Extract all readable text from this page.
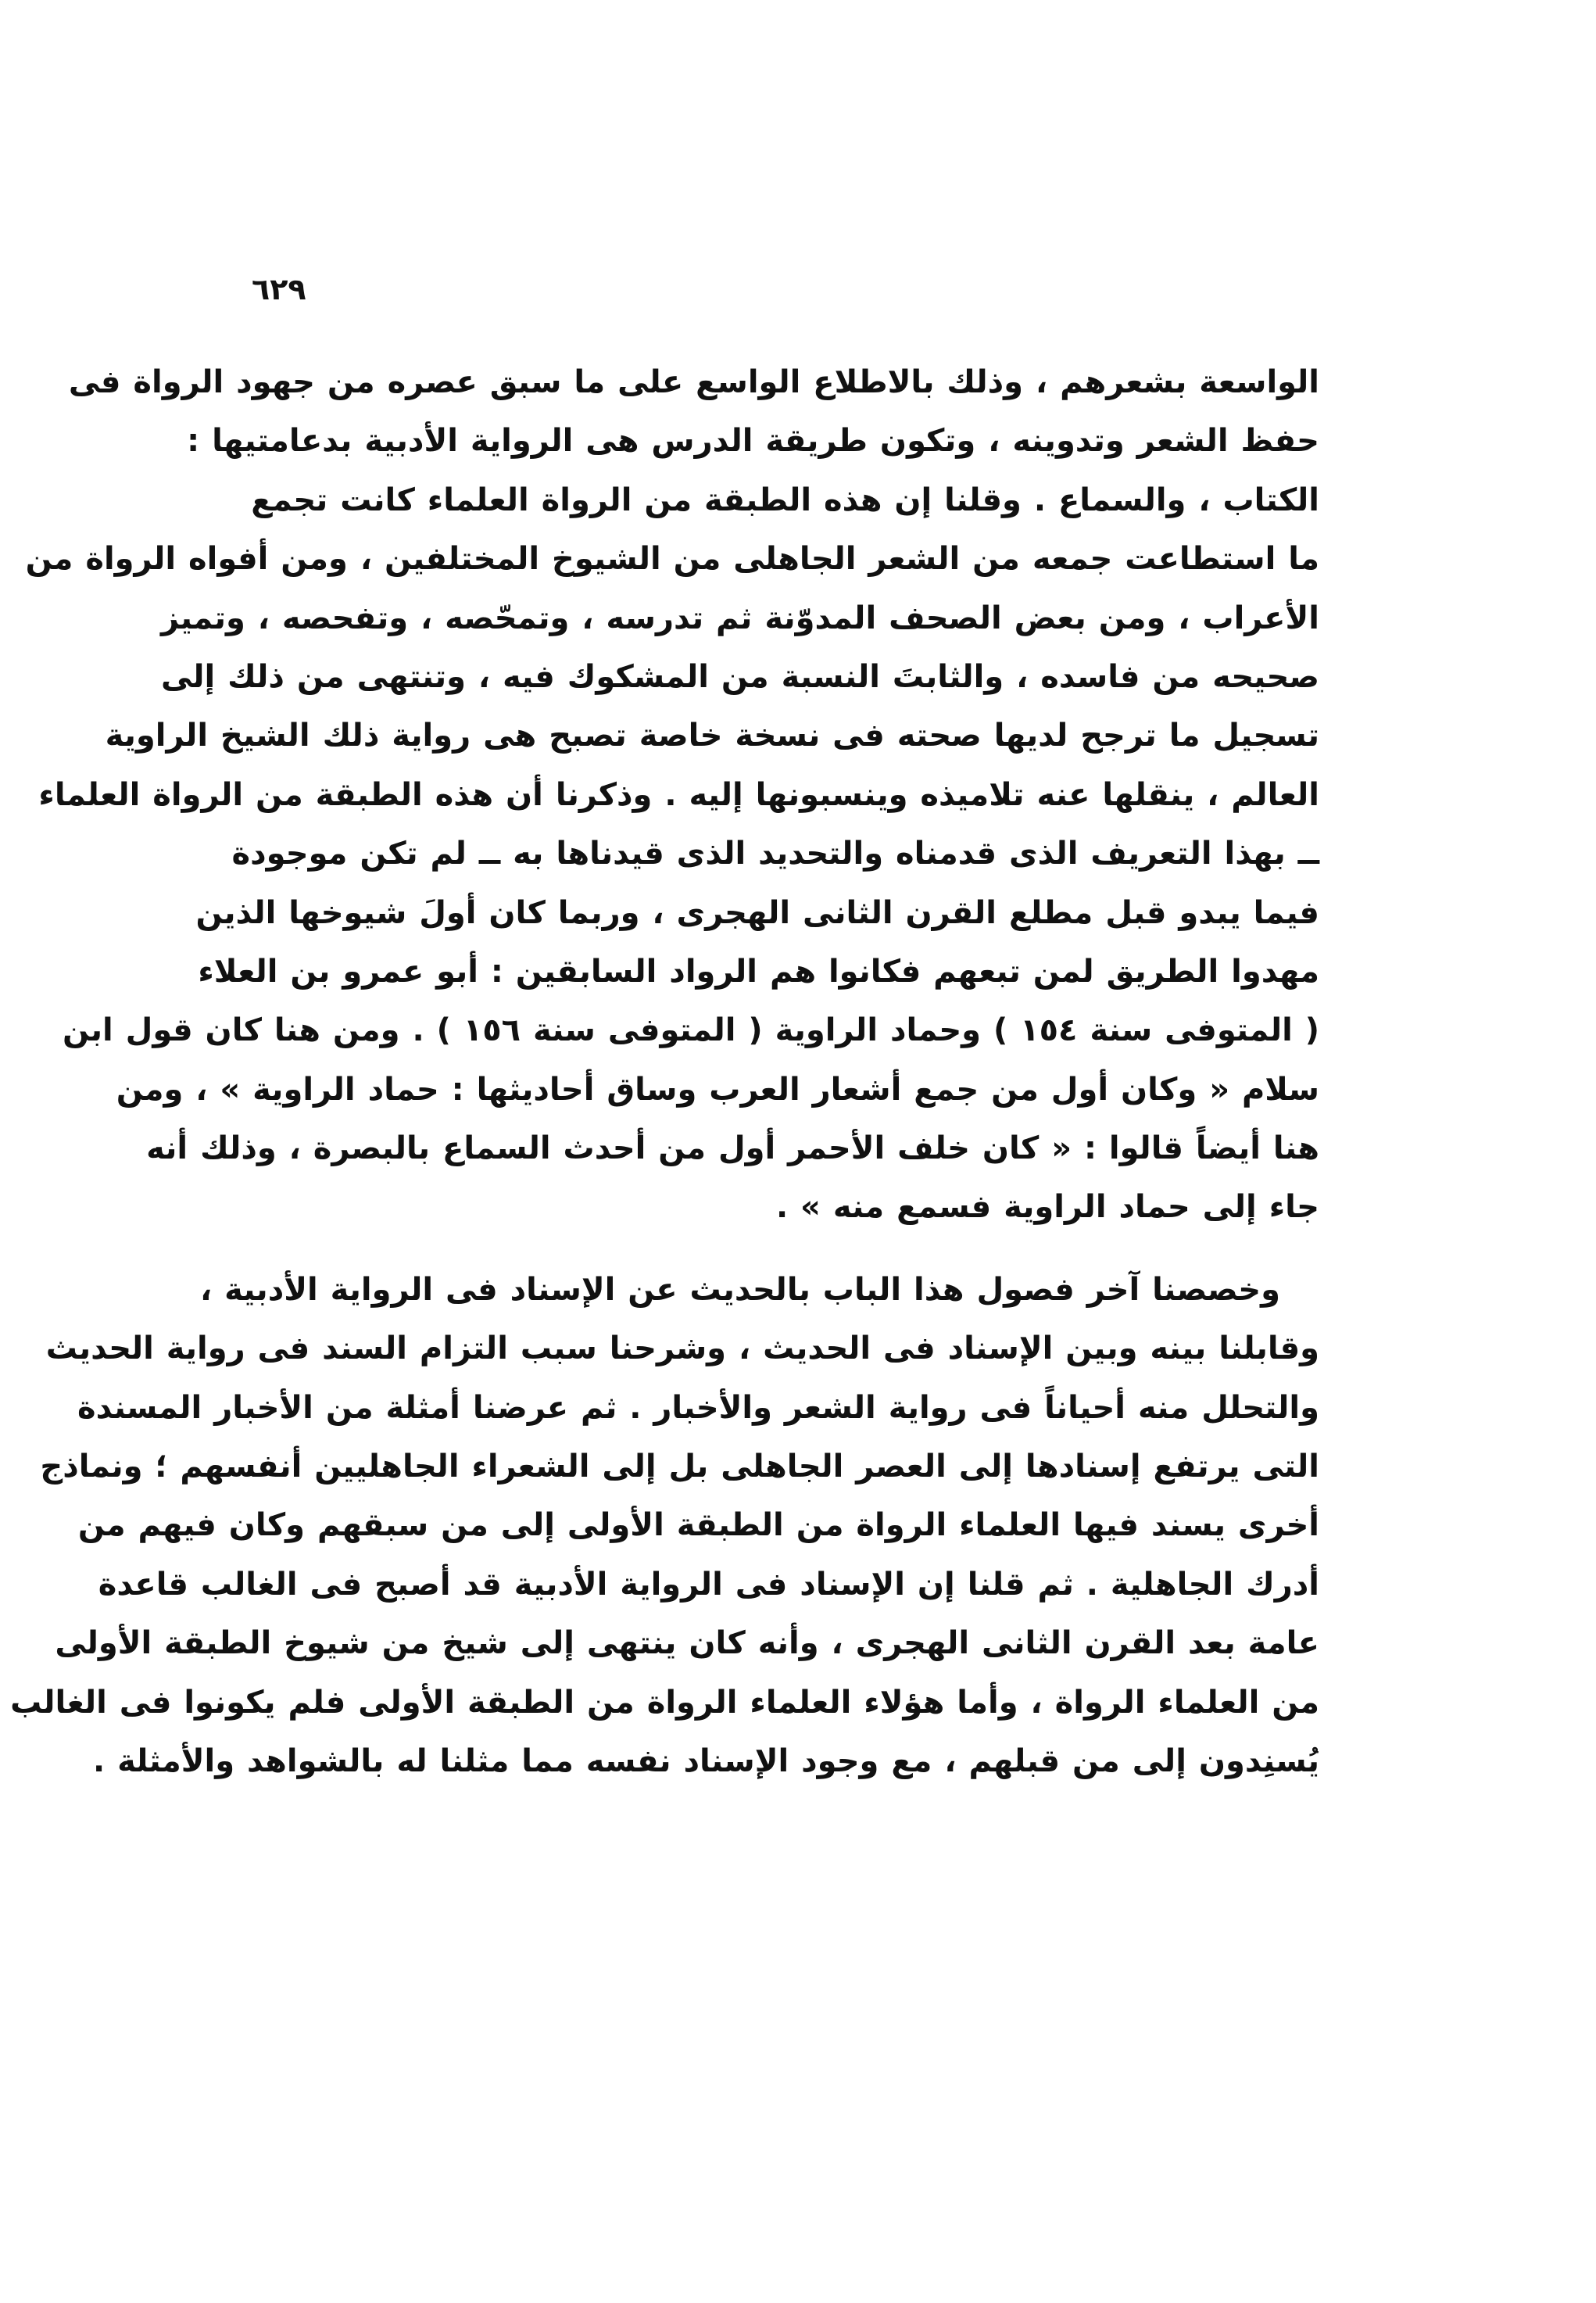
٦٢٩

الواسعة بشعرهم ، وذلك بالاطلاع الواسع على ما سبق عصره من جهود الرواة فى
حفظ الشعر وتدوينه ، وتكون طريقة الدرس هى الرواية الأدبية بدعامتيها :
الكتاب ، والسماع . وقلنا إن هذه الطبقة من الرواة العلماء كانت تجمع
ما استطاعت جمعه من الشعر الجاهلى من الشيوخ المختلفين ، ومن أفواه الرواة من
الأعراب ، ومن بعض الصحف المدوّنة ثم تدرسه ، وتمحّصه ، وتفحصه ، وتميز
صحيحه من فاسده ، والثابتَ النسبة من المشكوك فيه ، وتنتهى من ذلك إلى
تسجيل ما ترجح لديها صحته فى نسخة خاصة تصبح هى رواية ذلك الشيخ الراوية
العالم ، ينقلها عنه تلاميذه وينسبونها إليه . وذكرنا أن هذه الطبقة من الرواة العلماء
ــ بهذا التعريف الذى قدمناه والتحديد الذى قيدناها به ــ لم تكن موجودة
فيما يبدو قبل مطلع القرن الثانى الهجرى ، وربما كان أولَ شيوخها الذين
مهدوا الطريق لمن تبعهم فكانوا هم الرواد السابقين : أبو عمرو بن العلاء
( المتوفى سنة ١٥٤ ) وحماد الراوية ( المتوفى سنة ١٥٦ ) . ومن هنا كان قول ابن
سلام « وكان أول من جمع أشعار العرب وساق أحاديثها : حماد الراوية » ، ومن
هنا أيضاً قالوا : « كان خلف الأحمر أول من أحدث السماع بالبصرة ، وذلك أنه
جاء إلى حماد الراوية فسمع منه » .

وخصصنا آخر فصول هذا الباب بالحديث عن الإسناد فى الرواية الأدبية ،
وقابلنا بينه وبين الإسناد فى الحديث ، وشرحنا سبب التزام السند فى رواية الحديث
والتحلل منه أحياناً فى رواية الشعر والأخبار . ثم عرضنا أمثلة من الأخبار المسندة
التى يرتفع إسنادها إلى العصر الجاهلى بل إلى الشعراء الجاهليين أنفسهم ؛ ونماذج
أخرى يسند فيها العلماء الرواة من الطبقة الأولى إلى من سبقهم وكان فيهم من
أدرك الجاهلية . ثم قلنا إن الإسناد فى الرواية الأدبية قد أصبح فى الغالب قاعدة
عامة بعد القرن الثانى الهجرى ، وأنه كان ينتهى إلى شيخ من شيوخ الطبقة الأولى
من العلماء الرواة ، وأما هؤلاء العلماء الرواة من الطبقة الأولى فلم يكونوا فى الغالب
يُسنِدون إلى من قبلهم ، مع وجود الإسناد نفسه مما مثلنا له بالشواهد والأمثلة .
